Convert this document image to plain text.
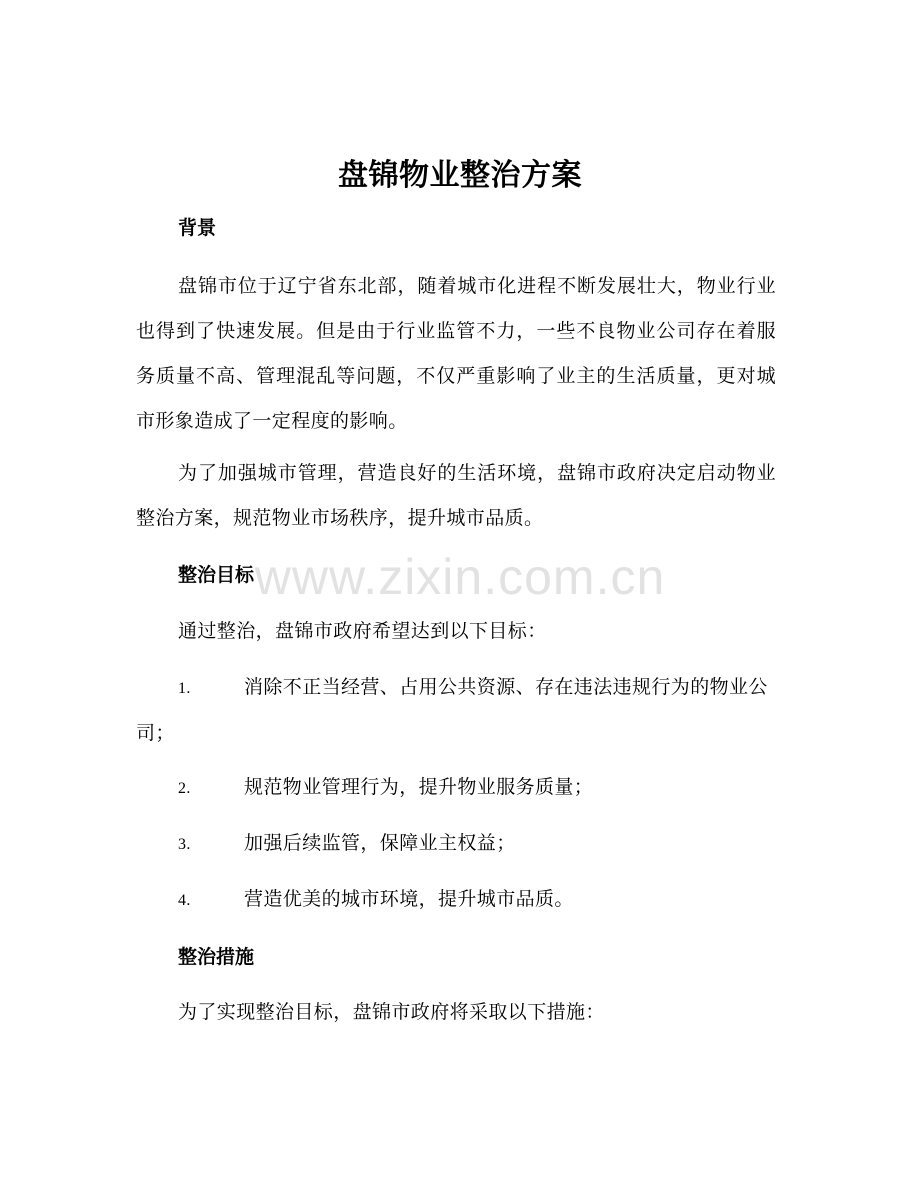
盘锦物业整治方案
背景
盘锦市位于辽宁省东北部，随着城市化进程不断发展壮大，物业行业也得到了快速发展。但是由于行业监管不力，一些不良物业公司存在着服务质量不高、管理混乱等问题，不仅严重影响了业主的生活质量，更对城市形象造成了一定程度的影响。
为了加强城市管理，营造良好的生活环境，盘锦市政府决定启动物业整治方案，规范物业市场秩序，提升城市品质。
整治目标
通过整治，盘锦市政府希望达到以下目标：
1.	消除不正当经营、占用公共资源、存在违法违规行为的物业公司；
2.	规范物业管理行为，提升物业服务质量；
3.	加强后续监管，保障业主权益；
4.	营造优美的城市环境，提升城市品质。
整治措施
为了实现整治目标，盘锦市政府将采取以下措施：
www.zixin.com.cn
